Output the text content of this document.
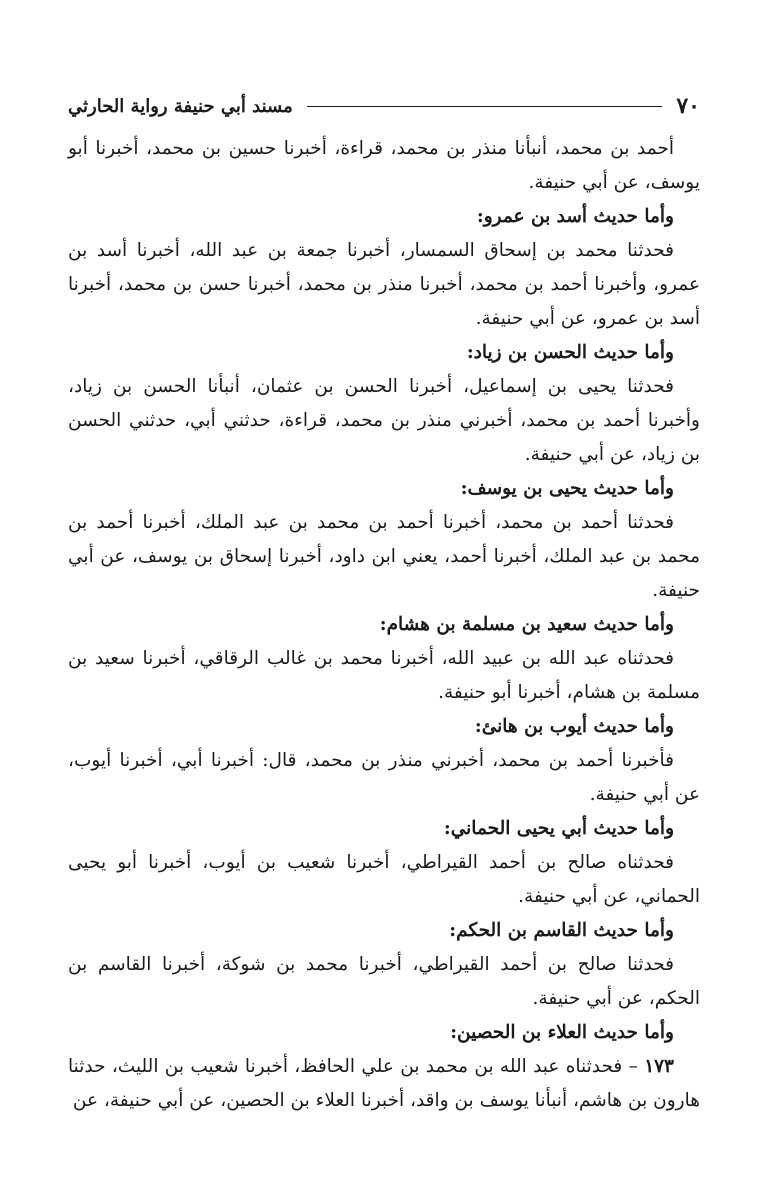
٧٠
مسند أبي حنيفة رواية الحارثي

أحمد بن محمد، أنبأنا منذر بن محمد، قراءة، أخبرنا حسين بن محمد، أخبرنا أبو يوسف، عن أبي حنيفة.

وأما حديث أسد بن عمرو:

فحدثنا محمد بن إسحاق السمسار، أخبرنا جمعة بن عبد الله، أخبرنا أسد بن عمرو، وأخبرنا أحمد بن محمد، أخبرنا منذر بن محمد، أخبرنا حسن بن محمد، أخبرنا أسد بن عمرو، عن أبي حنيفة.

وأما حديث الحسن بن زياد:

فحدثنا يحيى بن إسماعيل، أخبرنا الحسن بن عثمان، أنبأنا الحسن بن زياد، وأخبرنا أحمد بن محمد، أخبرني منذر بن محمد، قراءة، حدثني أبي، حدثني الحسن بن زياد، عن أبي حنيفة.

وأما حديث يحيى بن يوسف:

فحدثنا أحمد بن محمد، أخبرنا أحمد بن محمد بن عبد الملك، أخبرنا أحمد بن محمد بن عبد الملك، أخبرنا أحمد، يعني ابن داود، أخبرنا إسحاق بن يوسف، عن أبي حنيفة.

وأما حديث سعيد بن مسلمة بن هشام:

فحدثناه عبد الله بن عبيد الله، أخبرنا محمد بن غالب الرقاقي، أخبرنا سعيد بن مسلمة بن هشام، أخبرنا أبو حنيفة.

وأما حديث أيوب بن هانئ:

فأخبرنا أحمد بن محمد، أخبرني منذر بن محمد، قال: أخبرنا أبي، أخبرنا أيوب، عن أبي حنيفة.

وأما حديث أبي يحيى الحماني:

فحدثناه صالح بن أحمد القيراطي، أخبرنا شعيب بن أيوب، أخبرنا أبو يحيى الحماني، عن أبي حنيفة.

وأما حديث القاسم بن الحكم:

فحدثنا صالح بن أحمد القيراطي، أخبرنا محمد بن شوكة، أخبرنا القاسم بن الحكم، عن أبي حنيفة.

وأما حديث العلاء بن الحصين:

١٧٣ – فحدثناه عبد الله بن محمد بن علي الحافظ، أخبرنا شعيب بن الليث، حدثنا هارون بن هاشم، أنبأنا يوسف بن واقد، أخبرنا العلاء بن الحصين، عن أبي حنيفة، عن
